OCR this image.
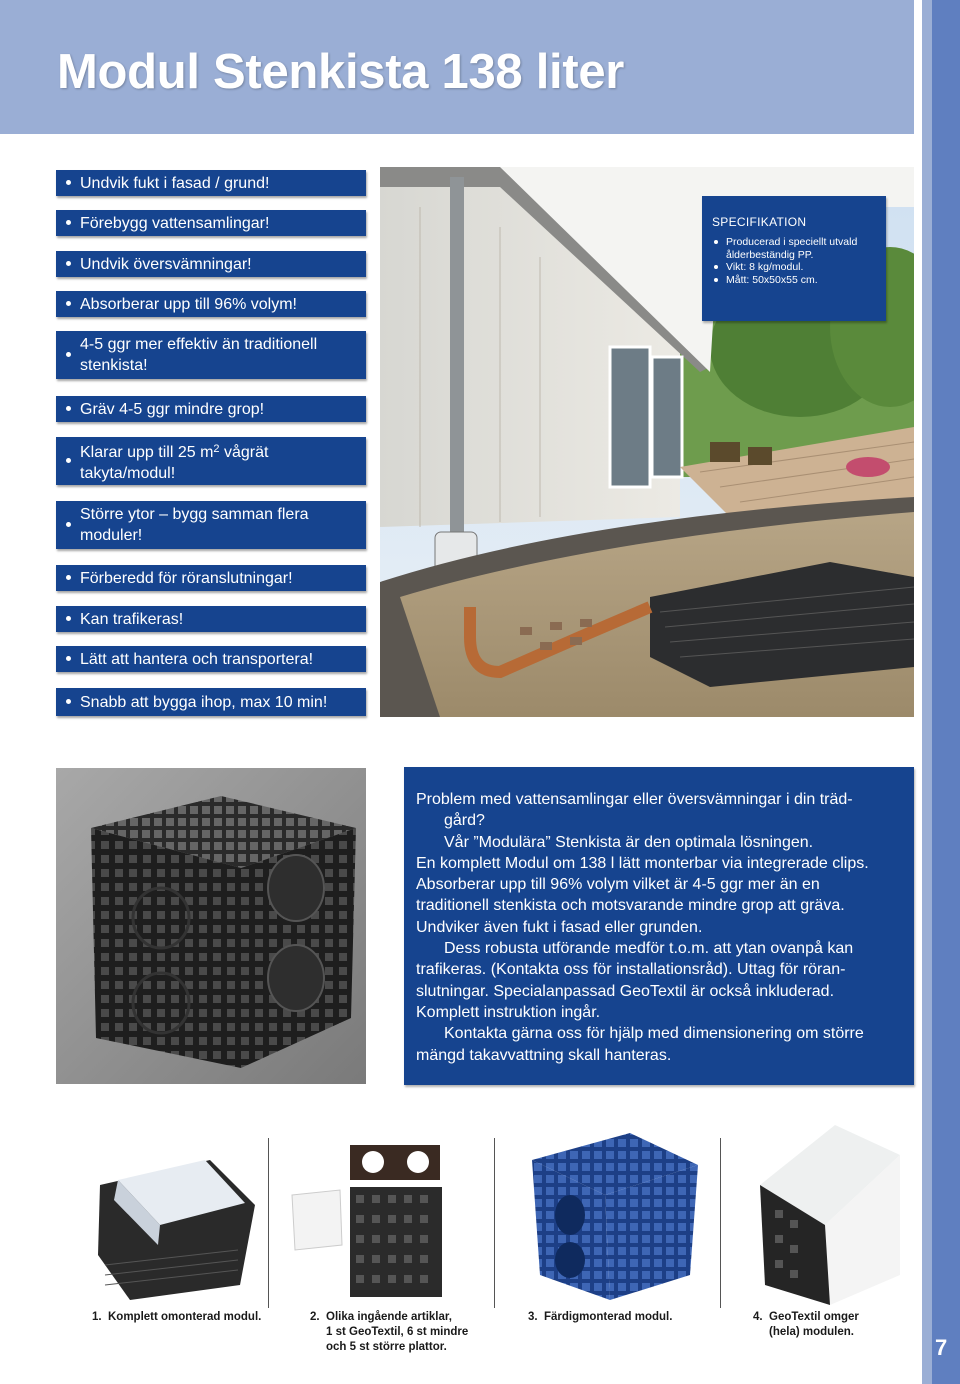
Modul Stenkista 138 liter
7
Undvik fukt i fasad / grund!
Förebygg vattensamlingar!
Undvik översvämningar!
Absorberar upp till 96% volym!
4-5 ggr mer effektiv än traditionell stenkista!
Gräv 4-5 ggr mindre grop!
Klarar upp till 25 $m^2$ vågrät takyta/modul!
Större ytor – bygg samman flera moduler!
Förberedd för röranslutningar!
Kan trafikeras!
Lätt att hantera och transportera!
Snabb att bygga ihop, max 10 min!
SPECIFIKATION
Producerad i speciellt utvald ålderbeständig PP.
Vikt: 8 kg/modul.
Mått: 50x50x55 cm.

Problem med vattensamlingar eller översvämningar i din träd-

gård?

Vår ”Modulära” Stenkista är den optimala lösningen.

En komplett Modul om 138 l lätt monterbar via integrerade clips.

Absorberar upp till 96% volym vilket är 4-5 ggr mer än en

traditionell stenkista och motsvarande mindre grop att gräva.

Undviker även fukt i fasad eller grunden.

Dess robusta utförande medför t.o.m. att ytan ovanpå kan

trafikeras. (Kontakta oss för installationsråd). Uttag för röran-

slutningar. Specialanpassad GeoTextil är också inkluderad.

Komplett instruktion ingår.

Kontakta gärna oss för hjälp med dimensionering om större

mängd takavvattning skall hanteras.

1. Komplett omonterad modul.	2. Olika ingående artiklar,
1 st GeoTextil, 6 st mindre
och 5 st större plattor.
3. Färdigmonterad modul.	4. GeoTextil omger
(hela) modulen.
